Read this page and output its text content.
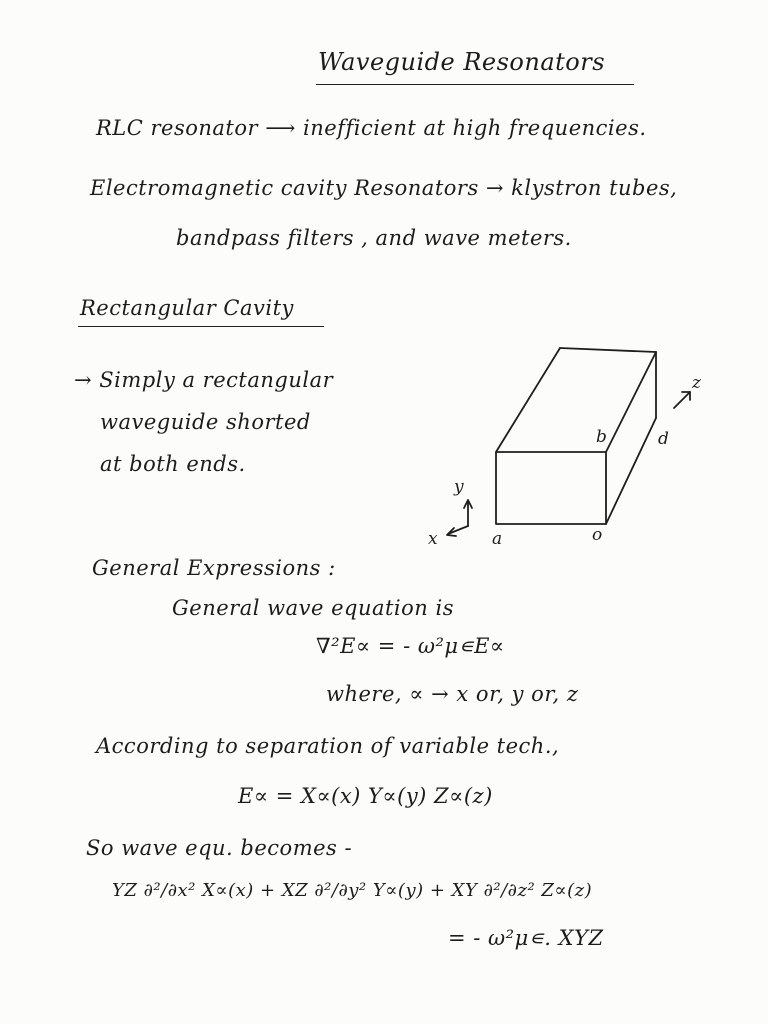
Waveguide Resonators
RLC resonator ⟶ inefficient at high frequencies.
Electromagnetic cavity Resonators → klystron tubes,
bandpass filters , and wave meters.
Rectangular Cavity
→ Simply a rectangular
waveguide shorted
at both ends.
a
b	d
o
x
y
z
General Expressions :
General wave equation is
∇²E∝ = - ω²μ∊E∝
where, ∝ → x or, y or, z
According to separation of variable tech.,
E∝ = X∝(x) Y∝(y) Z∝(z)
So wave equ. becomes -
YZ ∂²/∂x² X∝(x) + XZ ∂²/∂y² Y∝(y) + XY ∂²/∂z² Z∝(z)
= - ω²μ∊. XYZ
